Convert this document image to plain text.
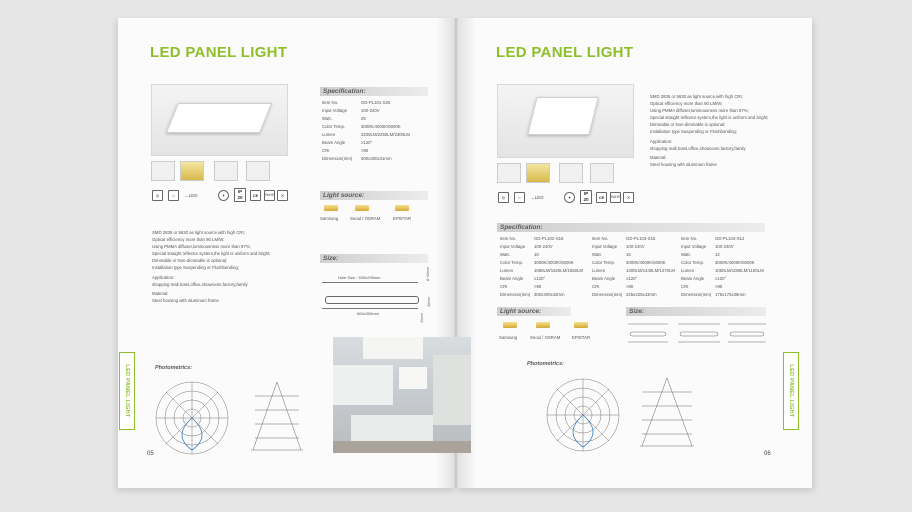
LED PANEL LIGHT
◎	⌂	→LED	✦
IP 20	CE	RoHS	✕
Specification:
Item No.	GD-PL101-S25
Input Voltage	100-240V
Watt.	25
Color Temp.	3000K/4000K/6000K
Lumen	2200LM/2250LM/2300LM
Beam Angle	≥120°
CRI	>80
Dimension(mm) 600x300x41mm
Light source:
Samsung	Seoul / OSRAM	EPISTAR
SMD 2835 or 5630 as light source,with high CRI;
Optical efficiency more than 90 LM/W;
Using PMMA diffuser,luminousness more than 87%;
Special straight reflector system,the light is uniform and bright;
Dimmable or Non-dimmable is optional;
Installation type Suspending or Flushbonding;
Application:
shopping mall,hotel,office,showroom,factory,family
Material:
Steel housing with aluminum frame
Size:
Hole Size : 535x295mm
600x300mm
8~13mm
41mm
30mm
Photometrics:
LED PANEL LIGHT
05
LED PANEL LIGHT
◎	⌂	→LED	✦
IP 20	CE	RoHS	✕
SMD 2835 or 5630 as light source,with high CRI;
Optical efficiency more than 90 LM/W;
Using PMMA diffuser,luminousness more than 87%;
Special straight reflector system,the light is uniform and bright;
Dimmable or Non-dimmable is optional;
Installation type Suspending or Flushbonding;
Application:
shopping mall,hotel,office,showroom,factory,family
Material:
Steel housing with aluminum frame
Specification:
Item No.	GD-PL102-S18
Input Voltage 100-240V
Watt.	18
Color Temp.	3000K/4000K/6000K
Lumen	1580LM/1620LM/1650LM
Beam Angle	≥120°
CRI	>80
Dimension(mm) 300x300x43mm
Item No.	GD-PL103-S15
Input Voltage 100-240V
Watt.	15
Color Temp.	3000K/4000K/6000K
Lumen	1400LM/1440LM/1470LM
Beam Angle	≥120°
CRI	>80
Dimension(mm) 225x225x43mm
Item No.	GD-PL104-S12
Input Voltage 100-240V
Watt.	12
Color Temp.	3000K/4000K/6000K
Lumen	1050LM/1080LM/1100LM
Beam Angle	≥120°
CRI	>80
Dimension(mm) 175x175x38mm
Light source:
Samsung	Seoul / OSRAM	EPISTAR
Size:
Photometrics:
LED PANEL LIGHT
06
